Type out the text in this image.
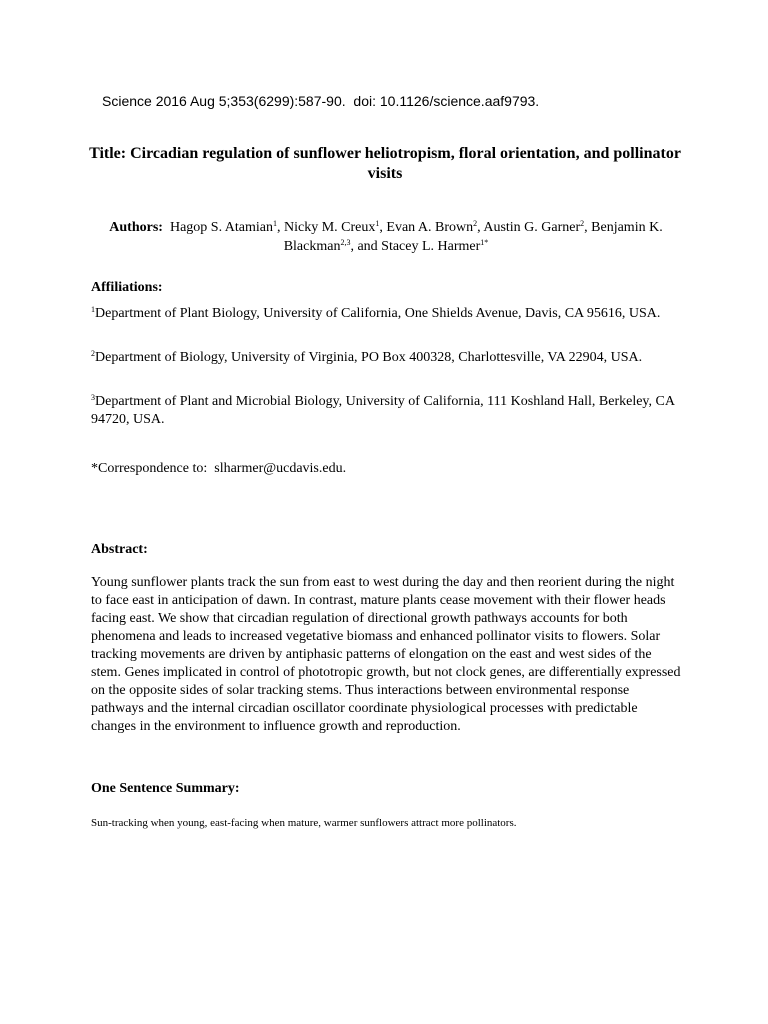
Science 2016 Aug 5;353(6299):587-90.  doi: 10.1126/science.aaf9793.
Title: Circadian regulation of sunflower heliotropism, floral orientation, and pollinator visits
Authors: Hagop S. Atamian$^1$, Nicky M. Creux$^1$, Evan A. Brown$^2$, Austin G. Garner$^2$, Benjamin K. Blackman$^{2,3}$, and Stacey L. Harmer$^{1*}$
Affiliations:
$^1$Department of Plant Biology, University of California, One Shields Avenue, Davis, CA 95616, USA.
$^2$Department of Biology, University of Virginia, PO Box 400328, Charlottesville, VA 22904, USA.
$^3$Department of Plant and Microbial Biology, University of California, 111 Koshland Hall, Berkeley, CA 94720, USA.
*Correspondence to:  slharmer@ucdavis.edu.
Abstract:
Young sunflower plants track the sun from east to west during the day and then reorient during the night to face east in anticipation of dawn. In contrast, mature plants cease movement with their flower heads facing east. We show that circadian regulation of directional growth pathways accounts for both phenomena and leads to increased vegetative biomass and enhanced pollinator visits to flowers. Solar tracking movements are driven by antiphasic patterns of elongation on the east and west sides of the stem. Genes implicated in control of phototropic growth, but not clock genes, are differentially expressed on the opposite sides of solar tracking stems. Thus interactions between environmental response pathways and the internal circadian oscillator coordinate physiological processes with predictable changes in the environment to influence growth and reproduction.
One Sentence Summary:
Sun-tracking when young, east-facing when mature, warmer sunflowers attract more pollinators.
